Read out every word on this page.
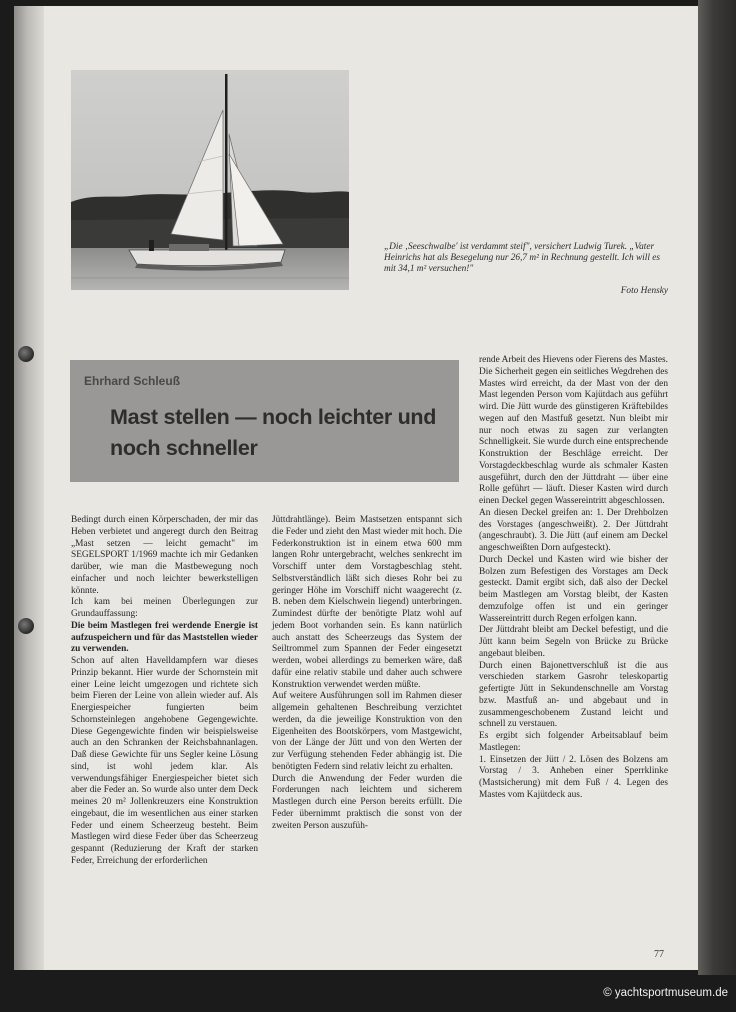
„Die ‚Seeschwalbe' ist verdammt steif", versichert Ludwig Turek. „Vater Heinrichs hat als Besegelung nur 26,7 m² in Rechnung gestellt. Ich will es mit 34,1 m² versuchen!"
Foto Hensky
Ehrhard Schleuß
Mast stellen — noch leichter und noch schneller

Bedingt durch einen Körperschaden, der mir das Heben verbietet und angeregt durch den Beitrag „Mast setzen — leicht gemacht" im SEGELSPORT 1/1969 machte ich mir Gedanken darüber, wie man die Mastbewegung noch einfacher und noch leichter bewerkstelligen könnte.

Ich kam bei meinen Überlegungen zur Grundauffassung:

Die beim Mastlegen frei werdende Energie ist aufzuspeichern und für das Maststellen wieder zu verwenden.

Schon auf alten Havelldampfern war dieses Prinzip bekannt. Hier wurde der Schornstein mit einer Leine leicht umgezogen und richtete sich beim Fieren der Leine von allein wieder auf. Als Energiespeicher fungierten beim Schornsteinlegen angehobene Gegengewichte. Diese Gegengewichte finden wir beispielsweise auch an den Schranken der Reichsbahnanlagen. Daß diese Gewichte für uns Segler keine Lösung sind, ist wohl jedem klar. Als verwendungsfähiger Energiespeicher bietet sich aber die Feder an. So wurde also unter dem Deck meines 20 m² Jollenkreuzers eine Konstruktion eingebaut, die im wesentlichen aus einer starken Feder und einem Scheerzeug besteht. Beim Mastlegen wird diese Feder über das Scheerzeug gespannt (Reduzierung der Kraft der starken Feder, Erreichung der erforderlichen

Jüttdrahtlänge). Beim Mastsetzen entspannt sich die Feder und zieht den Mast wieder mit hoch. Die Federkonstruktion ist in einem etwa 600 mm langen Rohr untergebracht, welches senkrecht im Vorschiff unter dem Vorstagbeschlag steht. Selbstverständlich läßt sich dieses Rohr bei zu geringer Höhe im Vorschiff nicht waagerecht (z. B. neben dem Kielschwein liegend) unterbringen. Zumindest dürfte der benötigte Platz wohl auf jedem Boot vorhanden sein. Es kann natürlich auch anstatt des Scheerzeugs das System der Seiltrommel zum Spannen der Feder eingesetzt werden, wobei allerdings zu bemerken wäre, daß dafür eine relativ stabile und daher auch schwere Konstruktion verwendet werden müßte.

Auf weitere Ausführungen soll im Rahmen dieser allgemein gehaltenen Beschreibung verzichtet werden, da die jeweilige Konstruktion von den Eigenheiten des Bootskörpers, vom Mastgewicht, von der Länge der Jütt und von den Werten der zur Verfügung stehenden Feder abhängig ist. Die benötigten Federn sind relativ leicht zu erhalten.

Durch die Anwendung der Feder wurden die Forderungen nach leichtem und sicherem Mastlegen durch eine Person bereits erfüllt. Die Feder übernimmt praktisch die sonst von der zweiten Person auszufüh-

rende Arbeit des Hievens oder Fierens des Mastes. Die Sicherheit gegen ein seitliches Wegdrehen des Mastes wird erreicht, da der Mast von der den Mast legenden Person vom Kajütdach aus geführt wird. Die Jütt wurde des günstigeren Kräftebildes wegen auf den Mastfuß gesetzt. Nun bleibt mir nur noch etwas zu sagen zur verlangten Schnelligkeit. Sie wurde durch eine entsprechende Konstruktion der Beschläge erreicht. Der Vorstagdeckbeschlag wurde als schmaler Kasten ausgeführt, durch den der Jüttdraht — über eine Rolle geführt — läuft. Dieser Kasten wird durch einen Deckel gegen Wassereintritt abgeschlossen.

An diesen Deckel greifen an: 1. Der Drehbolzen des Vorstages (angeschweißt). 2. Der Jüttdraht (angeschraubt). 3. Die Jütt (auf einem am Deckel angeschweißten Dorn aufgesteckt).

Durch Deckel und Kasten wird wie bisher der Bolzen zum Befestigen des Vorstages am Deck gesteckt. Damit ergibt sich, daß also der Deckel beim Mastlegen am Vorstag bleibt, der Kasten demzufolge offen ist und ein geringer Wassereintritt durch Regen erfolgen kann.

Der Jüttdraht bleibt am Deckel befestigt, und die Jütt kann beim Segeln von Brücke zu Brücke angebaut bleiben.

Durch einen Bajonettverschluß ist die aus verschieden starkem Gasrohr teleskopartig gefertigte Jütt in Sekundenschnelle am Vorstag bzw. Mastfuß an- und abgebaut und in zusammengeschobenem Zustand leicht und schnell zu verstauen.

Es ergibt sich folgender Arbeitsablauf beim Mastlegen:

1. Einsetzen der Jütt / 2. Lösen des Bolzens am Vorstag / 3. Anheben einer Sperrklinke (Mastsicherung) mit dem Fuß / 4. Legen des Mastes vom Kajütdeck aus.

77
© yachtsportmuseum.de
